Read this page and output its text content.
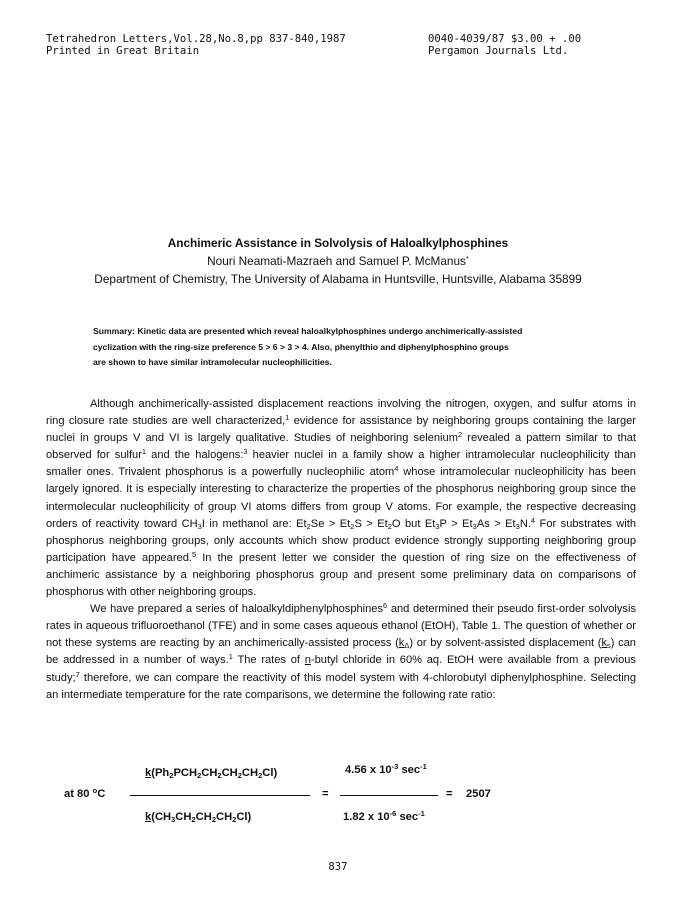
Tetrahedron Letters,Vol.28,No.8,pp 837-840,1987
Printed in Great Britain
0040-4039/87 $3.00 + .00
Pergamon Journals Ltd.
Anchimeric Assistance in Solvolysis of Haloalkylphosphines
Nouri Neamati-Mazraeh and Samuel P. McManus*
Department of Chemistry, The University of Alabama in Huntsville, Huntsville, Alabama 35899
Summary: Kinetic data are presented which reveal haloalkylphosphines undergo anchimerically-assisted
cyclization with the ring-size preference 5 > 6 > 3 > 4. Also, phenylthio and diphenylphosphino groups
are shown to have similar intramolecular nucleophilicities.

Although anchimerically-assisted displacement reactions involving the nitrogen, oxygen, and sulfur atoms in ring closure rate studies are well characterized,$^1$ evidence for assistance by neighboring groups containing the larger nuclei in groups V and VI is largely qualitative. Studies of neighboring selenium$^2$ revealed a pattern similar to that observed for sulfur$^1$ and the halogens:$^3$ heavier nuclei in a family show a higher intramolecular nucleophilicity than smaller ones. Trivalent phosphorus is a powerfully nucleophilic atom$^4$ whose intramolecular nucleophilicity has been largely ignored. It is especially interesting to characterize the properties of the phosphorus neighboring group since the intermolecular nucleophilicity of group VI atoms differs from group V atoms. For example, the respective decreasing orders of reactivity toward $CH_3I$ in methanol are: $Et_2Se > Et_2S > Et_2O$ but $Et_3P > Et_3As > Et_3N.^4$ For substrates with phosphorus neighboring groups, only accounts which show product evidence strongly supporting neighboring group participation have appeared.$^5$ In the present letter we consider the question of ring size on the effectiveness of anchimeric assistance by a neighboring phosphorus group and present some preliminary data on comparisons of phosphorus with other neighboring groups.

We have prepared a series of haloalkyldiphenylphosphines$^6$ and determined their pseudo first-order solvolysis rates in aqueous trifluoroethanol (TFE) and in some cases aqueous ethanol (EtOH), Table 1. The question of whether or not these systems are reacting by an anchimerically-assisted process $(k_\Delta)$ or by solvent-assisted displacement $(k_s)$ can be addressed in a number of ways.$^1$ The rates of n-butyl chloride in 60% aq. EtOH were available from a previous study;$^7$ therefore, we can compare the reactivity of this model system with 4-chlorobutyl diphenylphosphine. Selecting an intermediate temperature for the rate comparisons, we determine the following rate ratio:

at 80 $^o$C
$k(Ph_2PCH_2CH_2CH_2CH_2Cl)$
$k(CH_3CH_2CH_2CH_2Cl)$
=
4.56 x $10^{-3}$ $\sec^{-1}$
1.82 x $10^{-6}$ $\sec^{-1}$
= 2507
837
